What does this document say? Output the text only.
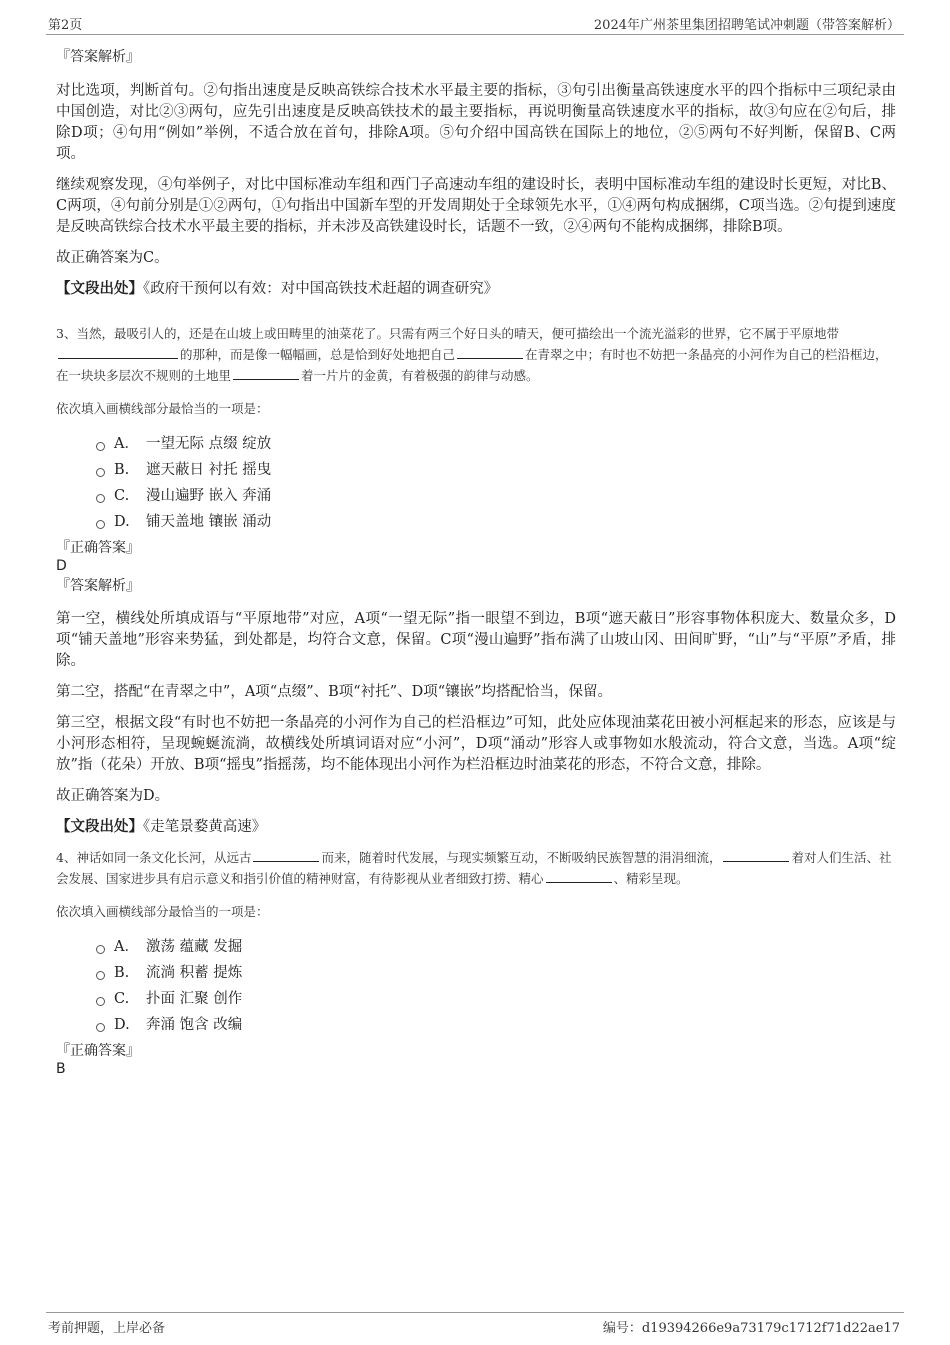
第2页	2024年广州茶里集团招聘笔试冲刺题（带答案解析）

『答案解析』

对比选项，判断首句。②句指出速度是反映高铁综合技术水平最主要的指标，③句引出衡量高铁速度水平的四个指标中三项纪录由中国创造，对比②③两句，应先引出速度是反映高铁技术的最主要指标，再说明衡量高铁速度水平的指标，故③句应在②句后，排除D项；④句用“例如”举例，不适合放在首句，排除A项。⑤句介绍中国高铁在国际上的地位，②⑤两句不好判断，保留B、C两项。

继续观察发现，④句举例子，对比中国标准动车组和西门子高速动车组的建设时长，表明中国标准动车组的建设时长更短，对比B、C两项，④句前分别是①②两句，①句指出中国新车型的开发周期处于全球领先水平，①④两句构成捆绑，C项当选。②句提到速度是反映高铁综合技术水平最主要的指标，并未涉及高铁建设时长，话题不一致，②④两句不能构成捆绑，排除B项。

故正确答案为C。

【文段出处】《政府干预何以有效：对中国高铁技术赶超的调查研究》

3、当然，最吸引人的，还是在山坡上或田畴里的油菜花了。只需有两三个好日头的晴天，便可描绘出一个流光溢彩的世界，它不属于平原地带的那种，而是像一幅幅画，总是恰到好处地把自己	在青翠之中；有时也不妨把一条晶亮的小河作为自己的栏沿框边，在一块块多层次不规则的土地里	着一片片的金黄，有着极强的韵律与动感。

依次填入画横线部分最恰当的一项是：

A． 一望无际 点缀 绽放
B.	遮天蔽日 衬托 摇曳
C.	漫山遍野 嵌入 奔涌
D.	铺天盖地 镶嵌 涌动

『正确答案』

D

『答案解析』

第一空，横线处所填成语与“平原地带”对应，A项“一望无际”指一眼望不到边，B项“遮天蔽日”形容事物体积庞大、数量众多，D项“铺天盖地”形容来势猛，到处都是，均符合文意，保留。C项“漫山遍野”指布满了山坡山冈、田间旷野，“山”与“平原”矛盾，排除。

第二空，搭配“在青翠之中”，A项“点缀”、B项“衬托”、D项“镶嵌”均搭配恰当，保留。

第三空，根据文段“有时也不妨把一条晶亮的小河作为自己的栏沿框边”可知，此处应体现油菜花田被小河框起来的形态，应该是与小河形态相符，呈现蜿蜒流淌，故横线处所填词语对应“小河”，D项“涌动”形容人或事物如水般流动，符合文意，当选。A项“绽放”指（花朵）开放、B项“摇曳”指摇荡，均不能体现出小河作为栏沿框边时油菜花的形态，不符合文意，排除。

故正确答案为D。

【文段出处】《走笔景婺黄高速》

4、神话如同一条文化长河，从远古	而来，随着时代发展，与现实频繁互动，不断吸纳民族智慧的涓涓细流，	着对人们生活、社会发展、国家进步具有启示意义和指引价值的精神财富，有待影视从业者细致打捞、精心	、精彩呈现。

依次填入画横线部分最恰当的一项是：

A． 激荡 蕴藏 发掘
B.	流淌 积蓄 提炼
C.	扑面 汇聚 创作
D.	奔涌 饱含 改编

『正确答案』

B

考前押题，上岸必备	编号：d19394266e9a73179c1712f71d22ae17
